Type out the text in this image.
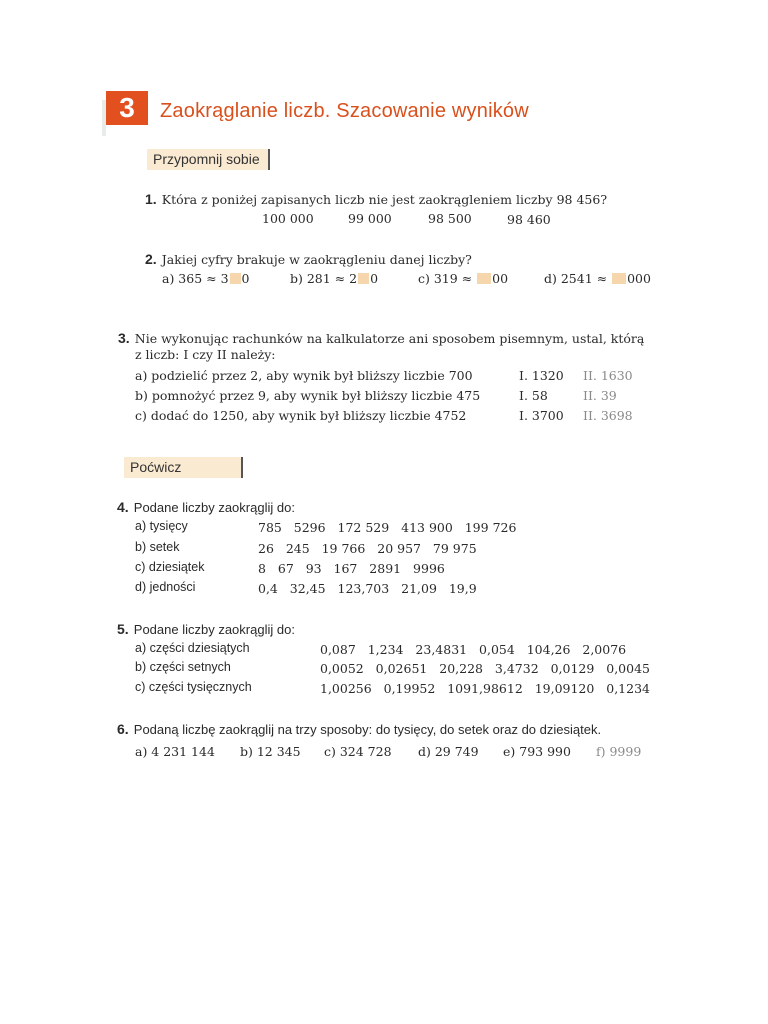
3	Zaokrąglanie liczb. Szacowanie wyników
Przypomnij sobie
1. Która z poniżej zapisanych liczb nie jest zaokrągleniem liczby 98 456?
100 000	99 000	98 500	98 460
2. Jakiej cyfry brakuje w zaokrągleniu danej liczby?
a) 365 ≈ 3 0	b) 281 ≈ 2 0	c) 319 ≈ 00	d) 2541 ≈ 000
3. Nie wykonując rachunków na kalkulatorze ani sposobem pisemnym, ustal, którą
z liczb: I czy II należy:
a) podzielić przez 2, aby wynik był bliższy liczbie 700	I. 1320 II. 1630
b) pomnożyć przez 9, aby wynik był bliższy liczbie 475	I. 58	II. 39
c) dodać do 1250, aby wynik był bliższy liczbie 4752	I. 3700 II. 3698
Poćwicz
4. Podane liczby zaokrąglij do:
a) tysięcy	785   5296   172 529   413 900   199 726
b) setek	26   245   19 766   20 957   79 975
c) dziesiątek	8   67   93   167   2891   9996
d) jedności	0,4   32,45   123,703   21,09   19,9
5. Podane liczby zaokrąglij do:
a) części dziesiątych	0,087   1,234   23,4831   0,054   104,26   2,0076
b) części setnych	0,0052   0,02651   20,228   3,4732   0,0129   0,0045
c) części tysięcznych	1,00256   0,19952   1091,98612   19,09120   0,1234
6. Podaną liczbę zaokrąglij na trzy sposoby: do tysięcy, do setek oraz do dziesiątek.
a) 4 231 144 b) 12 345 c) 324 728 d) 29 749 e) 793 990 f) 9999
